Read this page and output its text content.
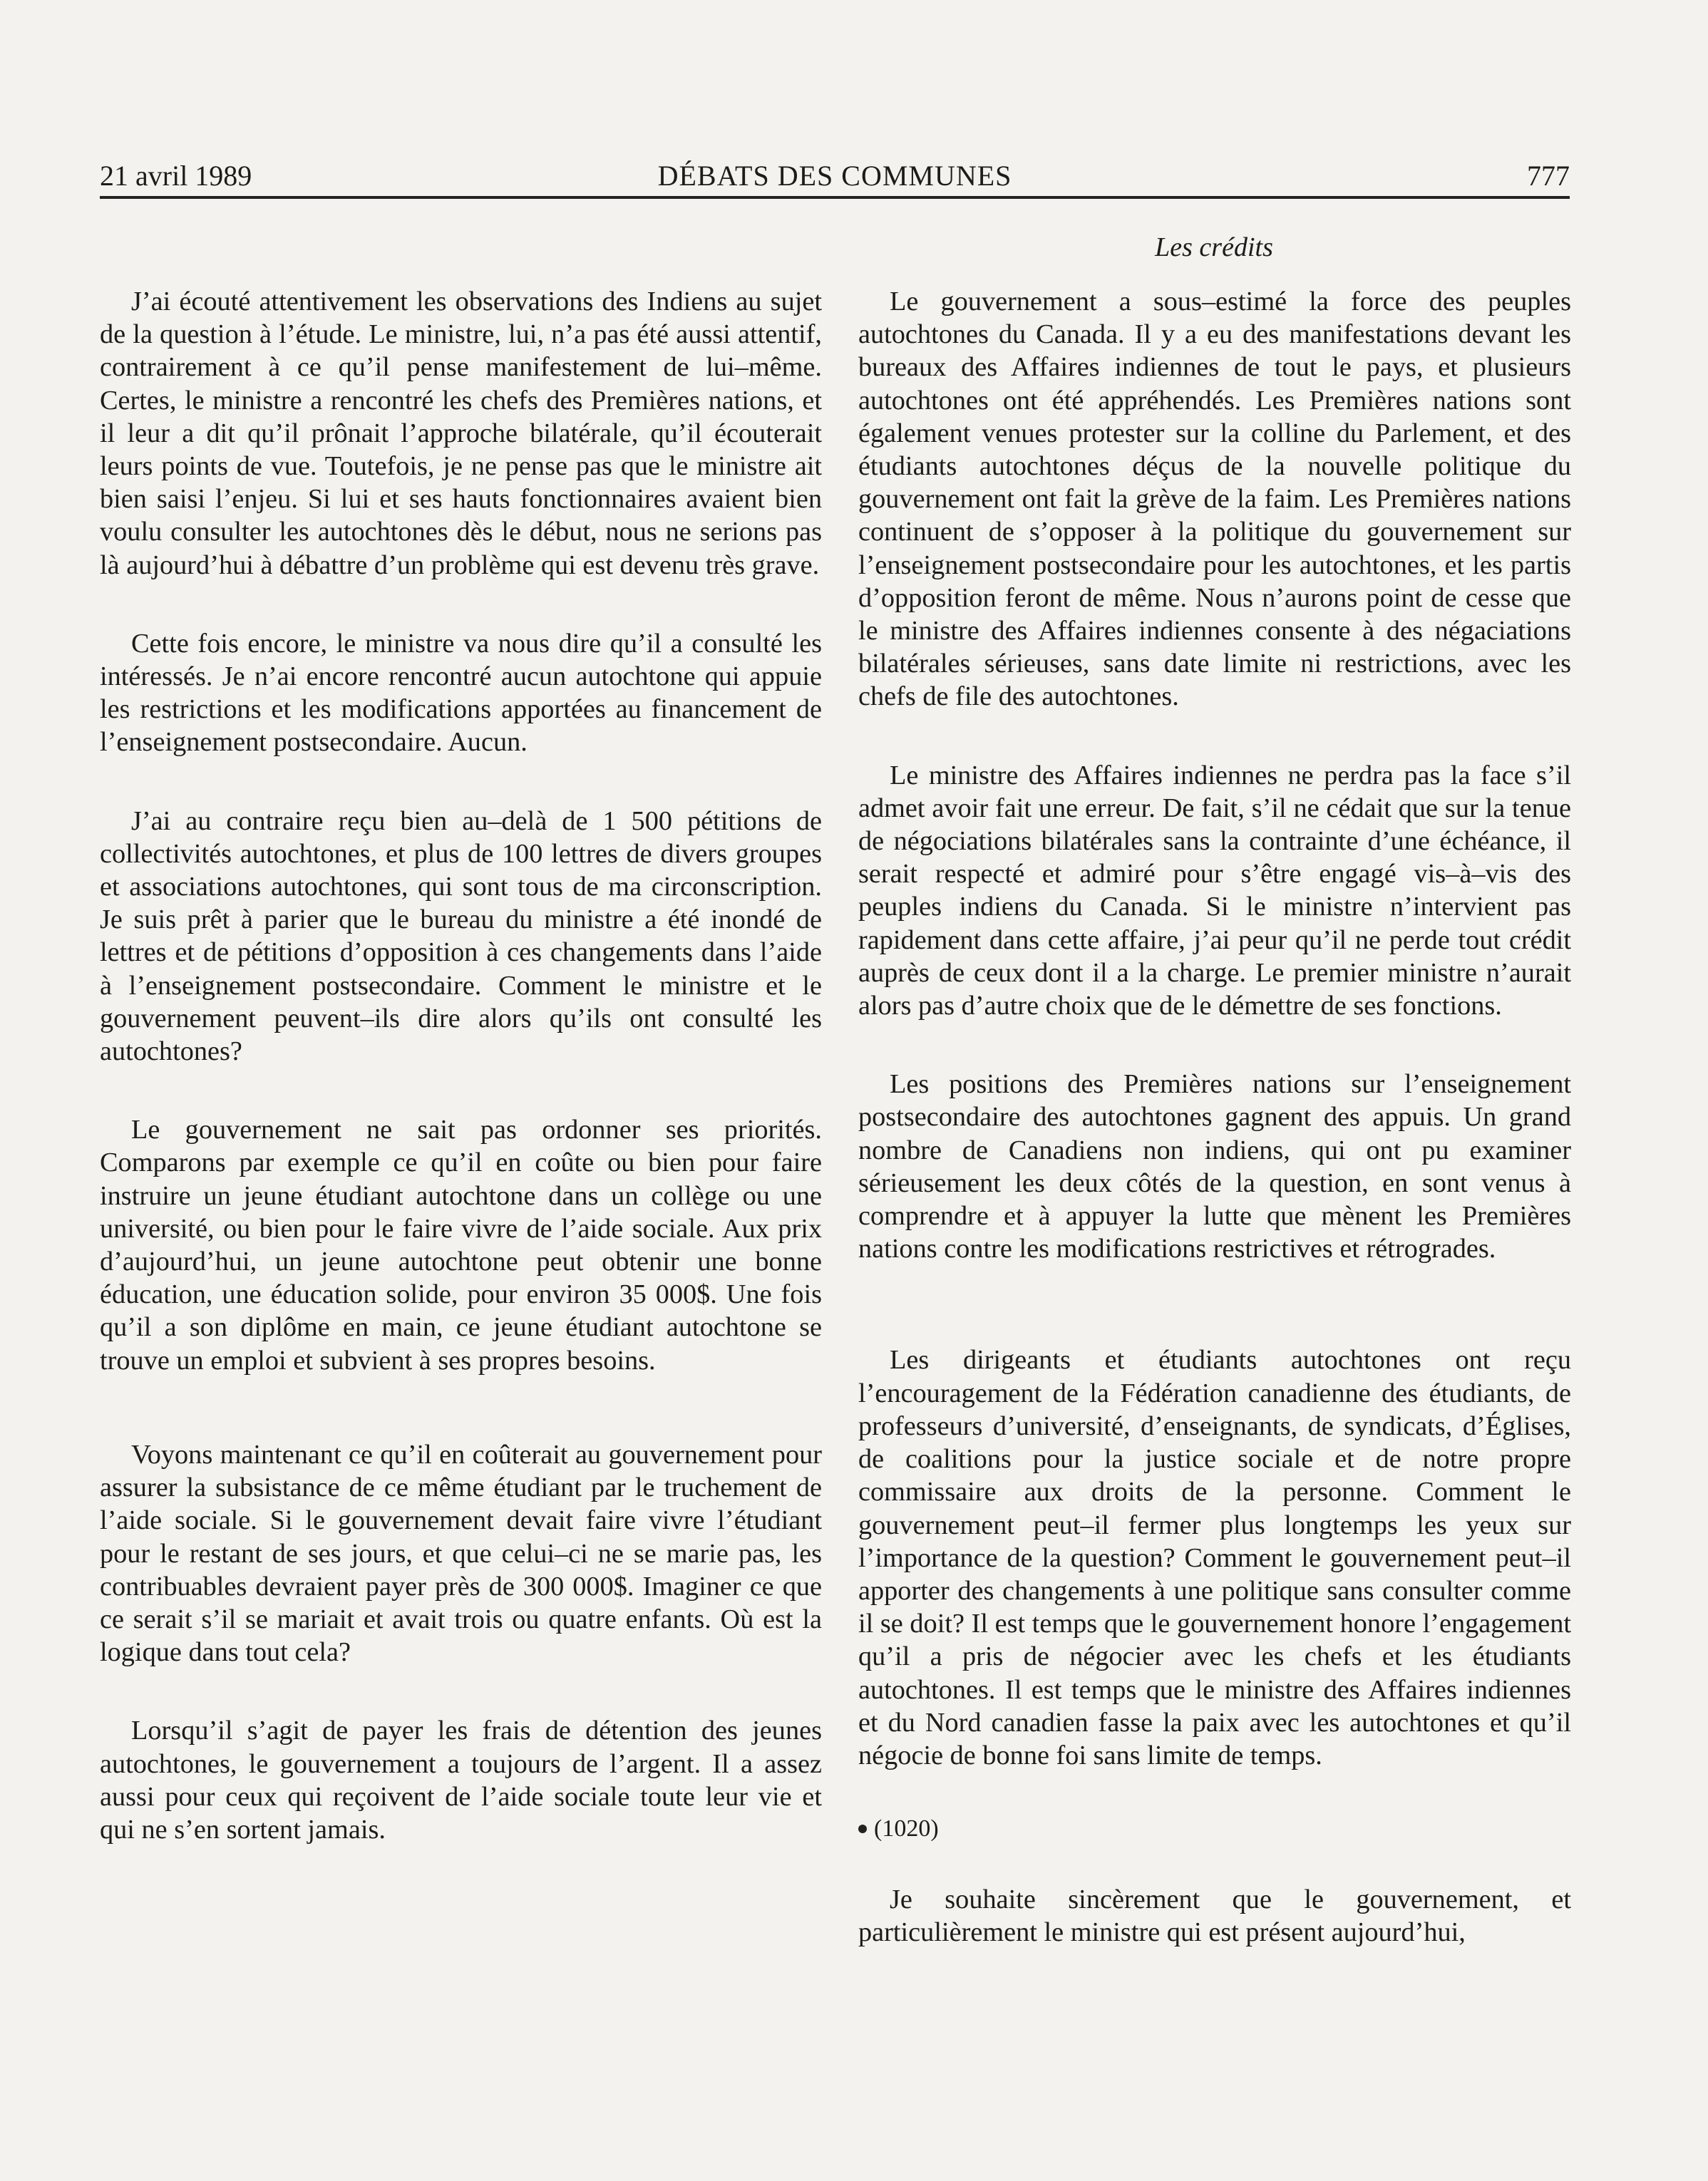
21 avril 1989	DÉBATS DES COMMUNES	777
Les crédits

J’ai écouté attentivement les observations des Indiens au sujet de la question à l’étude. Le ministre, lui, n’a pas été aussi attentif, contrairement à ce qu’il pense manifestement de lui–même. Certes, le ministre a rencontré les chefs des Premières nations, et il leur a dit qu’il prônait l’approche bilatérale, qu’il écouterait leurs points de vue. Toutefois, je ne pense pas que le ministre ait bien saisi l’enjeu. Si lui et ses hauts fonctionnaires avaient bien voulu consulter les autochtones dès le début, nous ne serions pas là aujourd’hui à débattre d’un problème qui est devenu très grave.

Cette fois encore, le ministre va nous dire qu’il a consulté les intéressés. Je n’ai encore rencontré aucun autochtone qui appuie les restrictions et les modifications apportées au financement de l’enseignement postsecondaire. Aucun.

J’ai au contraire reçu bien au–delà de 1 500 pétitions de collectivités autochtones, et plus de 100 lettres de divers groupes et associations autochtones, qui sont tous de ma circonscription. Je suis prêt à parier que le bureau du ministre a été inondé de lettres et de pétitions d’opposition à ces changements dans l’aide à l’enseignement postsecondaire. Comment le ministre et le gouvernement peuvent–ils dire alors qu’ils ont consulté les autochtones?

Le gouvernement ne sait pas ordonner ses priorités. Comparons par exemple ce qu’il en coûte ou bien pour faire instruire un jeune étudiant autochtone dans un collège ou une université, ou bien pour le faire vivre de l’aide sociale. Aux prix d’aujourd’hui, un jeune autochtone peut obtenir une bonne éducation, une éducation solide, pour environ 35 000$. Une fois qu’il a son diplôme en main, ce jeune étudiant autochtone se trouve un emploi et subvient à ses propres besoins.

Voyons maintenant ce qu’il en coûterait au gouvernement pour assurer la subsistance de ce même étudiant par le truchement de l’aide sociale. Si le gouvernement devait faire vivre l’étudiant pour le restant de ses jours, et que celui–ci ne se marie pas, les contribuables devraient payer près de 300 000$. Imaginer ce que ce serait s’il se mariait et avait trois ou quatre enfants. Où est la logique dans tout cela?

Lorsqu’il s’agit de payer les frais de détention des jeunes autochtones, le gouvernement a toujours de l’argent. Il a assez aussi pour ceux qui reçoivent de l’aide sociale toute leur vie et qui ne s’en sortent jamais.

Le gouvernement a sous–estimé la force des peuples autochtones du Canada. Il y a eu des manifestations devant les bureaux des Affaires indiennes de tout le pays, et plusieurs autochtones ont été appréhendés. Les Premières nations sont également venues protester sur la colline du Parlement, et des étudiants autochtones déçus de la nouvelle politique du gouvernement ont fait la grève de la faim. Les Premières nations continuent de s’opposer à la politique du gouvernement sur l’enseignement postsecondaire pour les autochtones, et les partis d’opposition feront de même. Nous n’aurons point de cesse que le ministre des Affaires indiennes consente à des négaciations bilatérales sérieuses, sans date limite ni restrictions, avec les chefs de file des autochtones.

Le ministre des Affaires indiennes ne perdra pas la face s’il admet avoir fait une erreur. De fait, s’il ne cédait que sur la tenue de négociations bilatérales sans la contrainte d’une échéance, il serait respecté et admiré pour s’être engagé vis–à–vis des peuples indiens du Canada. Si le ministre n’intervient pas rapidement dans cette affaire, j’ai peur qu’il ne perde tout crédit auprès de ceux dont il a la charge. Le premier ministre n’aurait alors pas d’autre choix que de le démettre de ses fonctions.

Les positions des Premières nations sur l’enseignement postsecondaire des autochtones gagnent des appuis. Un grand nombre de Canadiens non indiens, qui ont pu examiner sérieusement les deux côtés de la question, en sont venus à comprendre et à appuyer la lutte que mènent les Premières nations contre les modifications restrictives et rétrogrades.

Les dirigeants et étudiants autochtones ont reçu l’encouragement de la Fédération canadienne des étudiants, de professeurs d’université, d’enseignants, de syndicats, d’Églises, de coalitions pour la justice sociale et de notre propre commissaire aux droits de la personne. Comment le gouvernement peut–il fermer plus longtemps les yeux sur l’importance de la question? Comment le gouvernement peut–il apporter des changements à une politique sans consulter comme il se doit? Il est temps que le gouvernement honore l’engagement qu’il a pris de négocier avec les chefs et les étudiants autochtones. Il est temps que le ministre des Affaires indiennes et du Nord canadien fasse la paix avec les autochtones et qu’il négocie de bonne foi sans limite de temps.

(1020)

Je souhaite sincèrement que le gouvernement, et particulièrement le ministre qui est présent aujourd’hui,
